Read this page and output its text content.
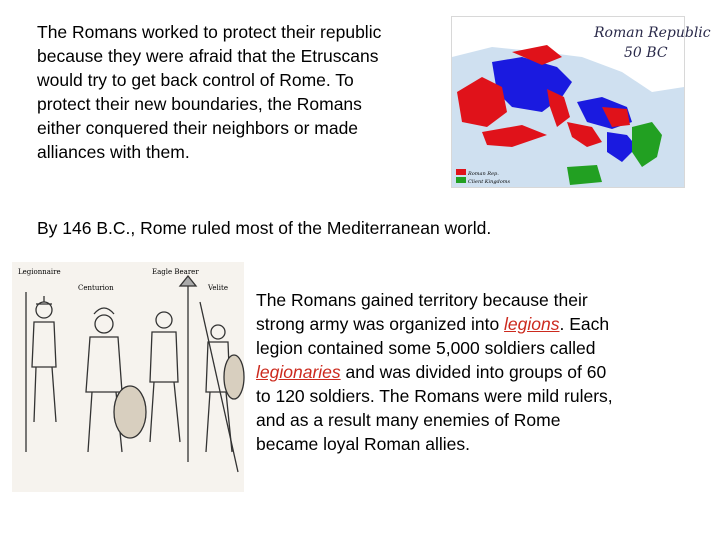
The Romans worked to protect their republic
because they were afraid that the Etruscans
would try to get back control of Rome. To
protect their new boundaries, the Romans
either conquered their neighbors or made
alliances with them.
Roman Republic
50 BC
Roman Rep.
Client Kingdoms
By 146 B.C., Rome ruled most of the Mediterranean world.
Legionnaire	Eagle Bearer
Centurion	Velite
The Romans gained territory because their
strong army was organized into legions. Each
legion contained some 5,000 soldiers called
legionaries and was divided into groups of 60
to 120 soldiers. The Romans were mild rulers,
and as a result many enemies of Rome
became loyal Roman allies.
